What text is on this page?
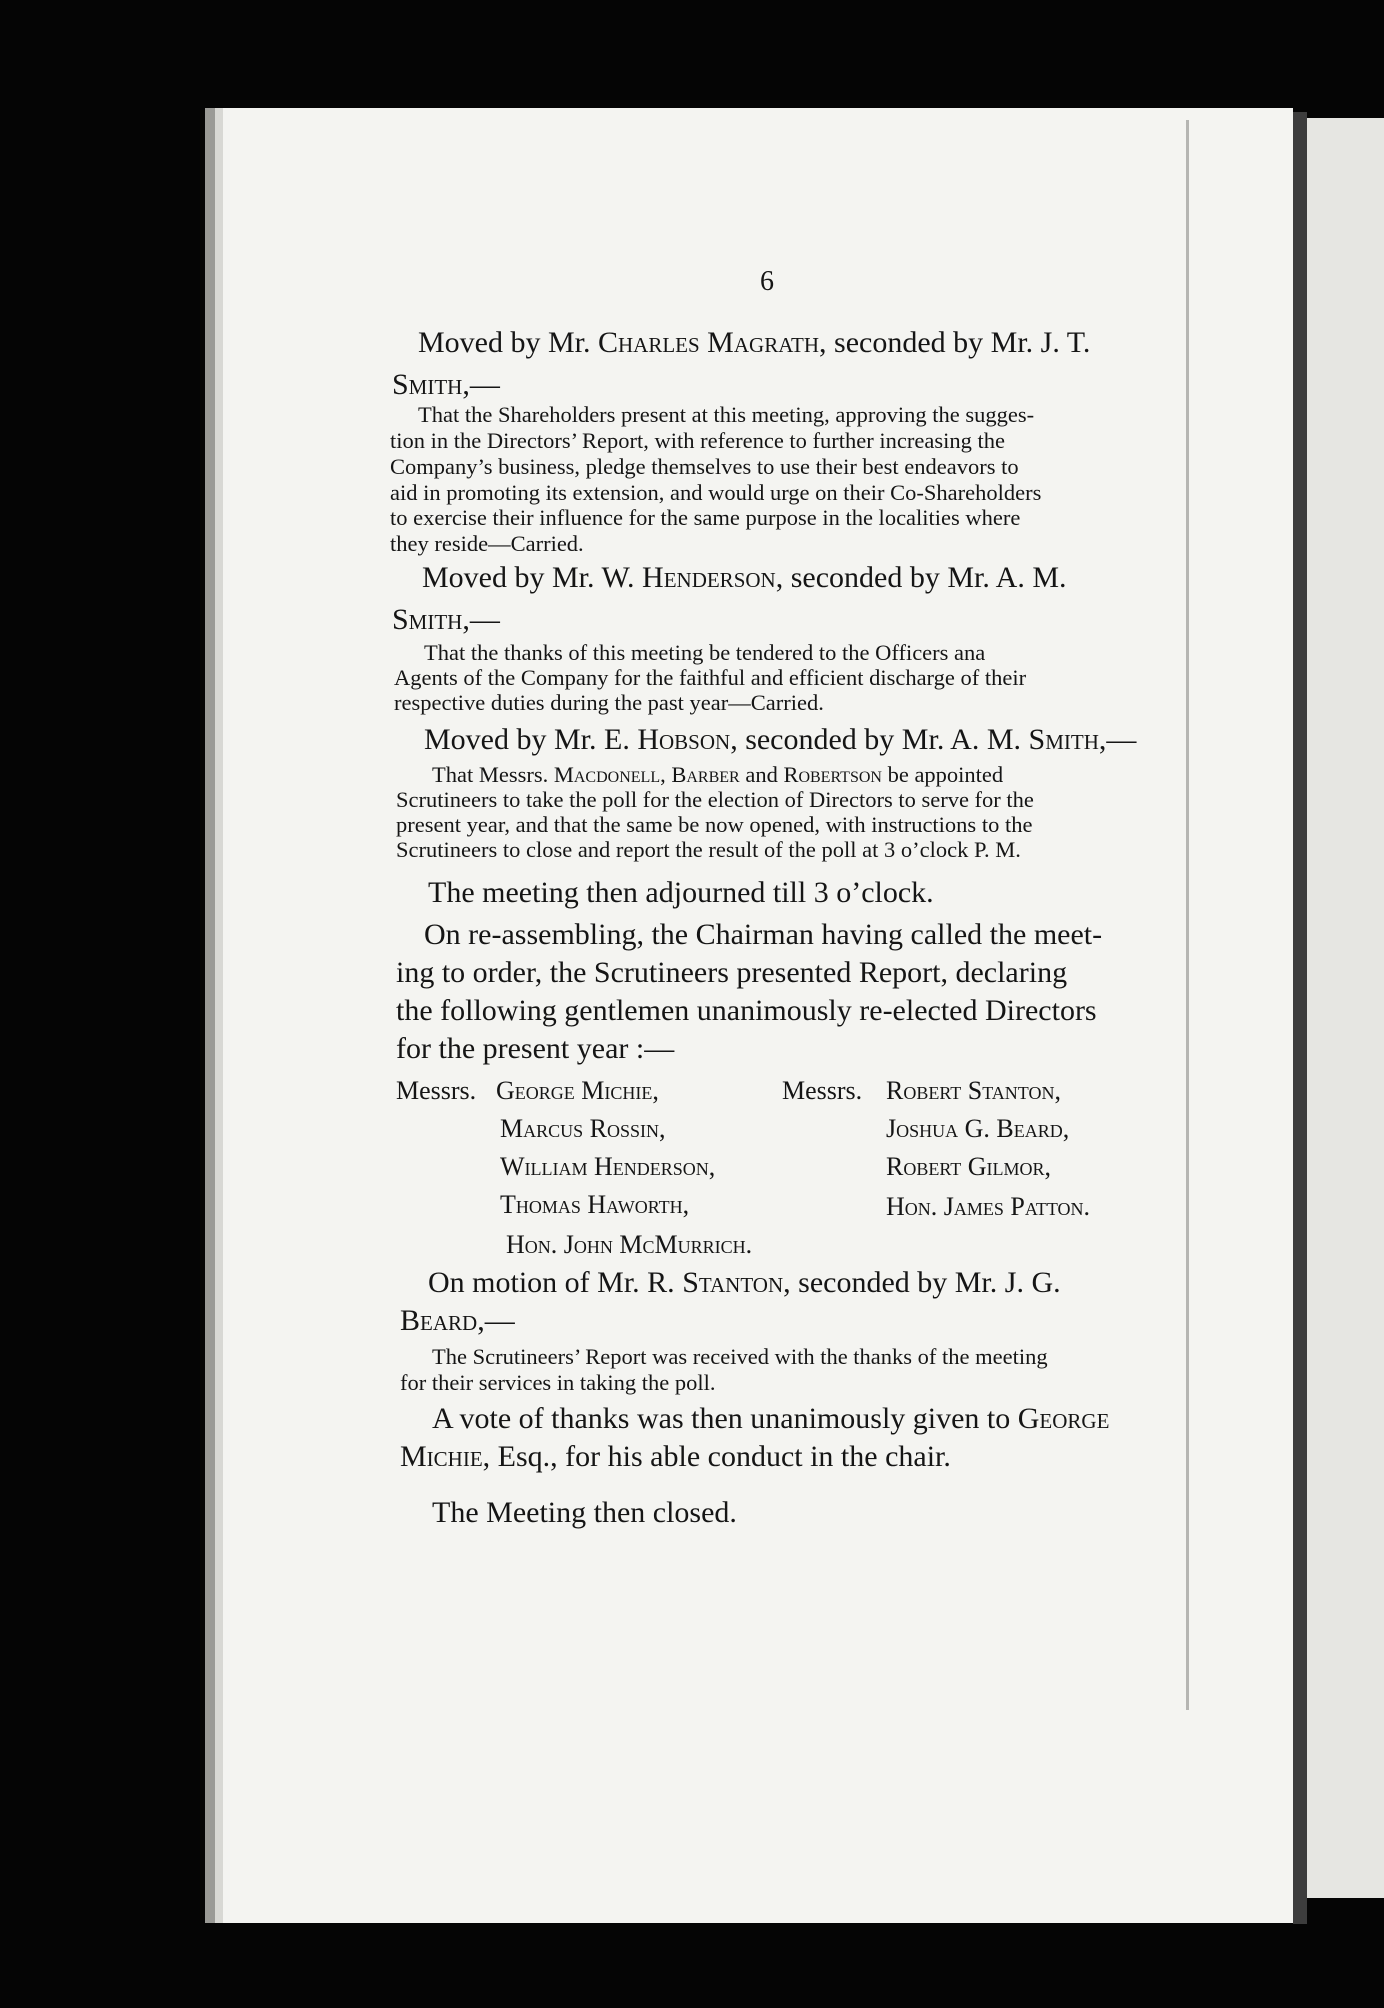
6
Moved by Mr. Charles Magrath, seconded by Mr. J. T.
Smith,—
That the Shareholders present at this meeting, approving the sugges-
tion in the Directors’ Report, with reference to further increasing the
Company’s business, pledge themselves to use their best endeavors to
aid in promoting its extension, and would urge on their Co-Shareholders
to exercise their influence for the same purpose in the localities where
they reside—Carried.
Moved by Mr. W. Henderson, seconded by Mr. A. M.
Smith,—
That the thanks of this meeting be tendered to the Officers ana
Agents of the Company for the faithful and efficient discharge of their
respective duties during the past year—Carried.
Moved by Mr. E. Hobson, seconded by Mr. A. M. Smith,—
That Messrs. Macdonell, Barber and Robertson be appointed
Scrutineers to take the poll for the election of Directors to serve for the
present year, and that the same be now opened, with instructions to the
Scrutineers to close and report the result of the poll at 3 o’clock P. M.
The meeting then adjourned till 3 o’clock.
On re-assembling, the Chairman having called the meet-
ing to order, the Scrutineers presented Report, declaring
the following gentlemen unanimously re-elected Directors
for the present year :—
Messrs. George Michie,
Marcus Rossin,
William Henderson,
Thomas Haworth,
Hon. John McMurrich.
Messrs. Robert Stanton,
Joshua G. Beard,
Robert Gilmor,
Hon. James Patton.
On motion of Mr. R. Stanton, seconded by Mr. J. G.
Beard,—
The Scrutineers’ Report was received with the thanks of the meeting
for their services in taking the poll.
A vote of thanks was then unanimously given to George
Michie, Esq., for his able conduct in the chair.
The Meeting then closed.
